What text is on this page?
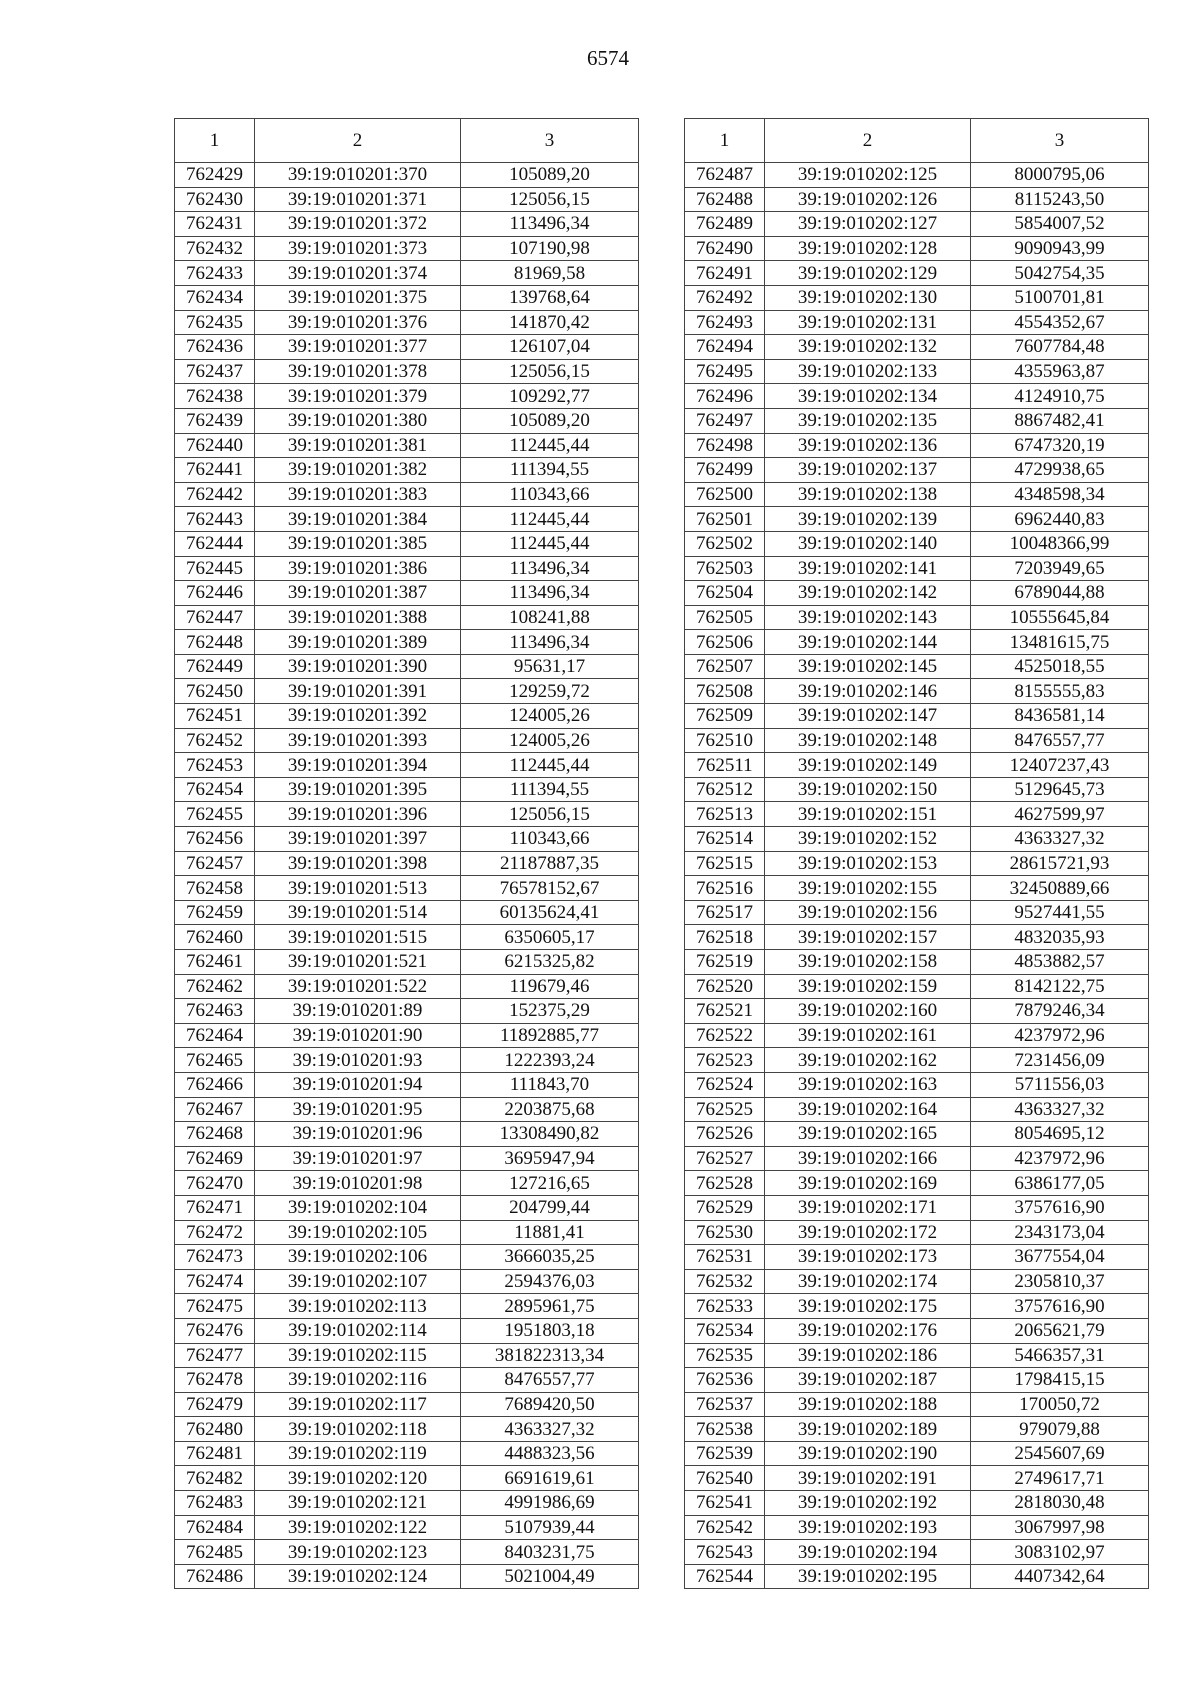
6574
1	2	3
762429	39:19:010201:370	105089,20
762430	39:19:010201:371	125056,15
762431	39:19:010201:372	113496,34
762432	39:19:010201:373	107190,98
762433	39:19:010201:374	81969,58
762434	39:19:010201:375	139768,64
762435	39:19:010201:376	141870,42
762436	39:19:010201:377	126107,04
762437	39:19:010201:378	125056,15
762438	39:19:010201:379	109292,77
762439	39:19:010201:380	105089,20
762440	39:19:010201:381	112445,44
762441	39:19:010201:382	111394,55
762442	39:19:010201:383	110343,66
762443	39:19:010201:384	112445,44
762444	39:19:010201:385	112445,44
762445	39:19:010201:386	113496,34
762446	39:19:010201:387	113496,34
762447	39:19:010201:388	108241,88
762448	39:19:010201:389	113496,34
762449	39:19:010201:390	95631,17
762450	39:19:010201:391	129259,72
762451	39:19:010201:392	124005,26
762452	39:19:010201:393	124005,26
762453	39:19:010201:394	112445,44
762454	39:19:010201:395	111394,55
762455	39:19:010201:396	125056,15
762456	39:19:010201:397	110343,66
762457	39:19:010201:398	21187887,35
762458	39:19:010201:513	76578152,67
762459	39:19:010201:514	60135624,41
762460	39:19:010201:515	6350605,17
762461	39:19:010201:521	6215325,82
762462	39:19:010201:522	119679,46
762463	39:19:010201:89	152375,29
762464	39:19:010201:90	11892885,77
762465	39:19:010201:93	1222393,24
762466	39:19:010201:94	111843,70
762467	39:19:010201:95	2203875,68
762468	39:19:010201:96	13308490,82
762469	39:19:010201:97	3695947,94
762470	39:19:010201:98	127216,65
762471	39:19:010202:104	204799,44
762472	39:19:010202:105	11881,41
762473	39:19:010202:106	3666035,25
762474	39:19:010202:107	2594376,03
762475	39:19:010202:113	2895961,75
762476	39:19:010202:114	1951803,18
762477	39:19:010202:115	381822313,34
762478	39:19:010202:116	8476557,77
762479	39:19:010202:117	7689420,50
762480	39:19:010202:118	4363327,32
762481	39:19:010202:119	4488323,56
762482	39:19:010202:120	6691619,61
762483	39:19:010202:121	4991986,69
762484	39:19:010202:122	5107939,44
762485	39:19:010202:123	8403231,75
762486	39:19:010202:124	5021004,49
1	2	3
762487	39:19:010202:125	8000795,06
762488	39:19:010202:126	8115243,50
762489	39:19:010202:127	5854007,52
762490	39:19:010202:128	9090943,99
762491	39:19:010202:129	5042754,35
762492	39:19:010202:130	5100701,81
762493	39:19:010202:131	4554352,67
762494	39:19:010202:132	7607784,48
762495	39:19:010202:133	4355963,87
762496	39:19:010202:134	4124910,75
762497	39:19:010202:135	8867482,41
762498	39:19:010202:136	6747320,19
762499	39:19:010202:137	4729938,65
762500	39:19:010202:138	4348598,34
762501	39:19:010202:139	6962440,83
762502	39:19:010202:140	10048366,99
762503	39:19:010202:141	7203949,65
762504	39:19:010202:142	6789044,88
762505	39:19:010202:143	10555645,84
762506	39:19:010202:144	13481615,75
762507	39:19:010202:145	4525018,55
762508	39:19:010202:146	8155555,83
762509	39:19:010202:147	8436581,14
762510	39:19:010202:148	8476557,77
762511	39:19:010202:149	12407237,43
762512	39:19:010202:150	5129645,73
762513	39:19:010202:151	4627599,97
762514	39:19:010202:152	4363327,32
762515	39:19:010202:153	28615721,93
762516	39:19:010202:155	32450889,66
762517	39:19:010202:156	9527441,55
762518	39:19:010202:157	4832035,93
762519	39:19:010202:158	4853882,57
762520	39:19:010202:159	8142122,75
762521	39:19:010202:160	7879246,34
762522	39:19:010202:161	4237972,96
762523	39:19:010202:162	7231456,09
762524	39:19:010202:163	5711556,03
762525	39:19:010202:164	4363327,32
762526	39:19:010202:165	8054695,12
762527	39:19:010202:166	4237972,96
762528	39:19:010202:169	6386177,05
762529	39:19:010202:171	3757616,90
762530	39:19:010202:172	2343173,04
762531	39:19:010202:173	3677554,04
762532	39:19:010202:174	2305810,37
762533	39:19:010202:175	3757616,90
762534	39:19:010202:176	2065621,79
762535	39:19:010202:186	5466357,31
762536	39:19:010202:187	1798415,15
762537	39:19:010202:188	170050,72
762538	39:19:010202:189	979079,88
762539	39:19:010202:190	2545607,69
762540	39:19:010202:191	2749617,71
762541	39:19:010202:192	2818030,48
762542	39:19:010202:193	3067997,98
762543	39:19:010202:194	3083102,97
762544	39:19:010202:195	4407342,64
